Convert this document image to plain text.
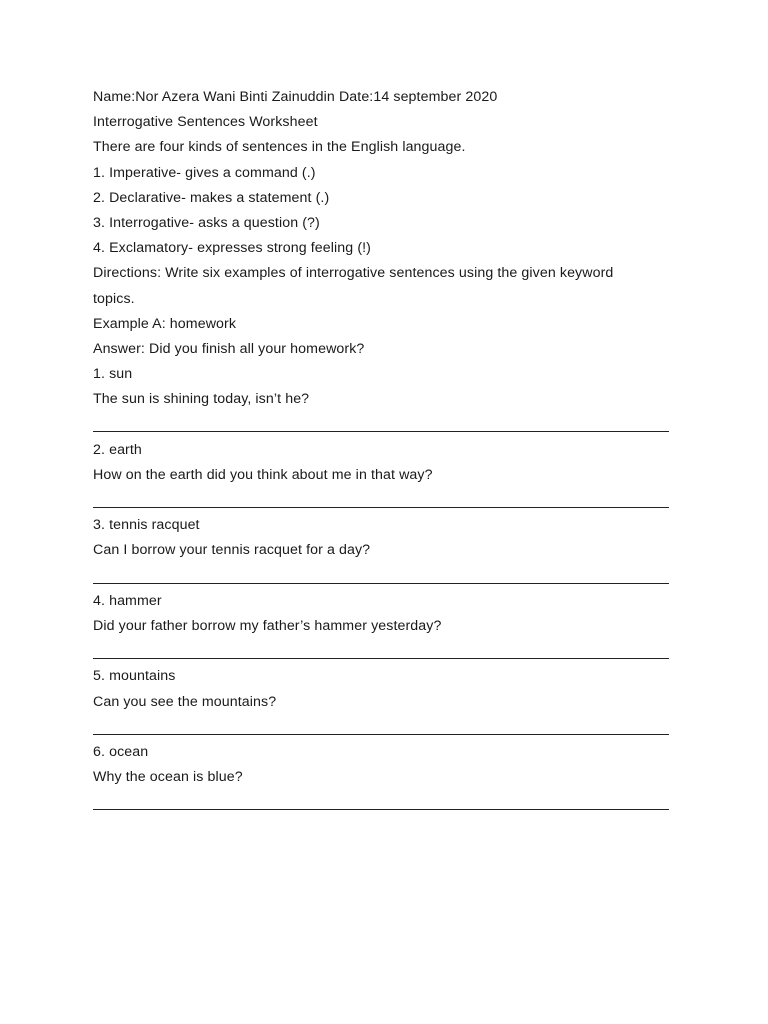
Name:Nor Azera Wani Binti Zainuddin Date:14 september 2020
Interrogative Sentences Worksheet
There are four kinds of sentences in the English language.
1. Imperative- gives a command (.)
2. Declarative- makes a statement (.)
3. Interrogative- asks a question (?)
4. Exclamatory- expresses strong feeling (!)
Directions: Write six examples of interrogative sentences using the given keyword
topics.
Example A: homework
Answer: Did you finish all your homework?
1. sun
The sun is shining today, isn’t he?
2. earth
How on the earth did you think about me in that way?
3. tennis racquet
Can I borrow your tennis racquet for a day?
4. hammer
Did your father borrow my father’s hammer yesterday?
5. mountains
Can you see the mountains?
6. ocean
Why the ocean is blue?
